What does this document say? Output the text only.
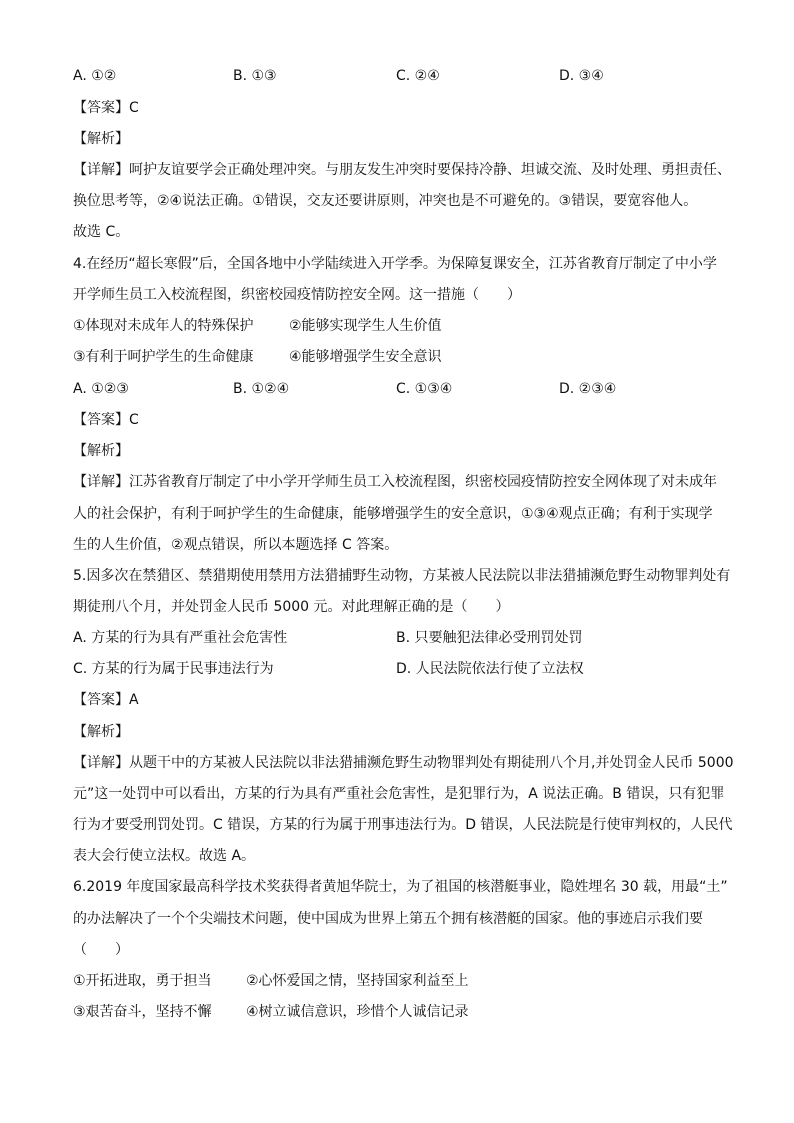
A. ①②	B. ①③	C. ②④	D. ③④
【答案】C
【解析】
【详解】呵护友谊要学会正确处理冲突。与朋友发生冲突时要保持冷静、坦诚交流、及时处理、勇担责任、
换位思考等，②④说法正确。①错误，交友还要讲原则，冲突也是不可避免的。③错误，要宽容他人。
故选 C。
4.在经历“超长寒假”后，全国各地中小学陆续进入开学季。为保障复课安全，江苏省教育厅制定了中小学
开学师生员工入校流程图，织密校园疫情防控安全网。这一措施（　　）
①体现对未成年人的特殊保护	②能够实现学生人生价值
③有利于呵护学生的生命健康	④能够增强学生安全意识
A. ①②③	B. ①②④	C. ①③④	D. ②③④
【答案】C
【解析】
【详解】江苏省教育厅制定了中小学开学师生员工入校流程图，织密校园疫情防控安全网体现了对未成年
人的社会保护，有利于呵护学生的生命健康，能够增强学生的安全意识，①③④观点正确；有利于实现学
生的人生价值，②观点错误，所以本题选择 C 答案。
5.因多次在禁猎区、禁猎期使用禁用方法猎捕野生动物，方某被人民法院以非法猎捕濒危野生动物罪判处有
期徒刑八个月，并处罚金人民币 5000 元。对此理解正确的是（　　）
A. 方某的行为具有严重社会危害性	B. 只要触犯法律必受刑罚处罚
C. 方某的行为属于民事违法行为	D. 人民法院依法行使了立法权
【答案】A
【解析】
【详解】从题干中的方某被人民法院以非法猎捕濒危野生动物罪判处有期徒刑八个月,并处罚金人民币 5000
元”这一处罚中可以看出，方某的行为具有严重社会危害性，是犯罪行为，A 说法正确。B 错误，只有犯罪
行为才要受刑罚处罚。C 错误，方某的行为属于刑事违法行为。D 错误，人民法院是行使审判权的，人民代
表大会行使立法权。故选 A。
6.2019 年度国家最高科学技术奖获得者黄旭华院士，为了祖国的核潜艇事业，隐姓埋名 30 载，用最“土”
的办法解决了一个个尖端技术问题，使中国成为世界上第五个拥有核潜艇的国家。他的事迹启示我们要
（　　）
①开拓进取，勇于担当 ②心怀爱国之情，坚持国家利益至上
③艰苦奋斗，坚持不懈 ④树立诚信意识，珍惜个人诚信记录
